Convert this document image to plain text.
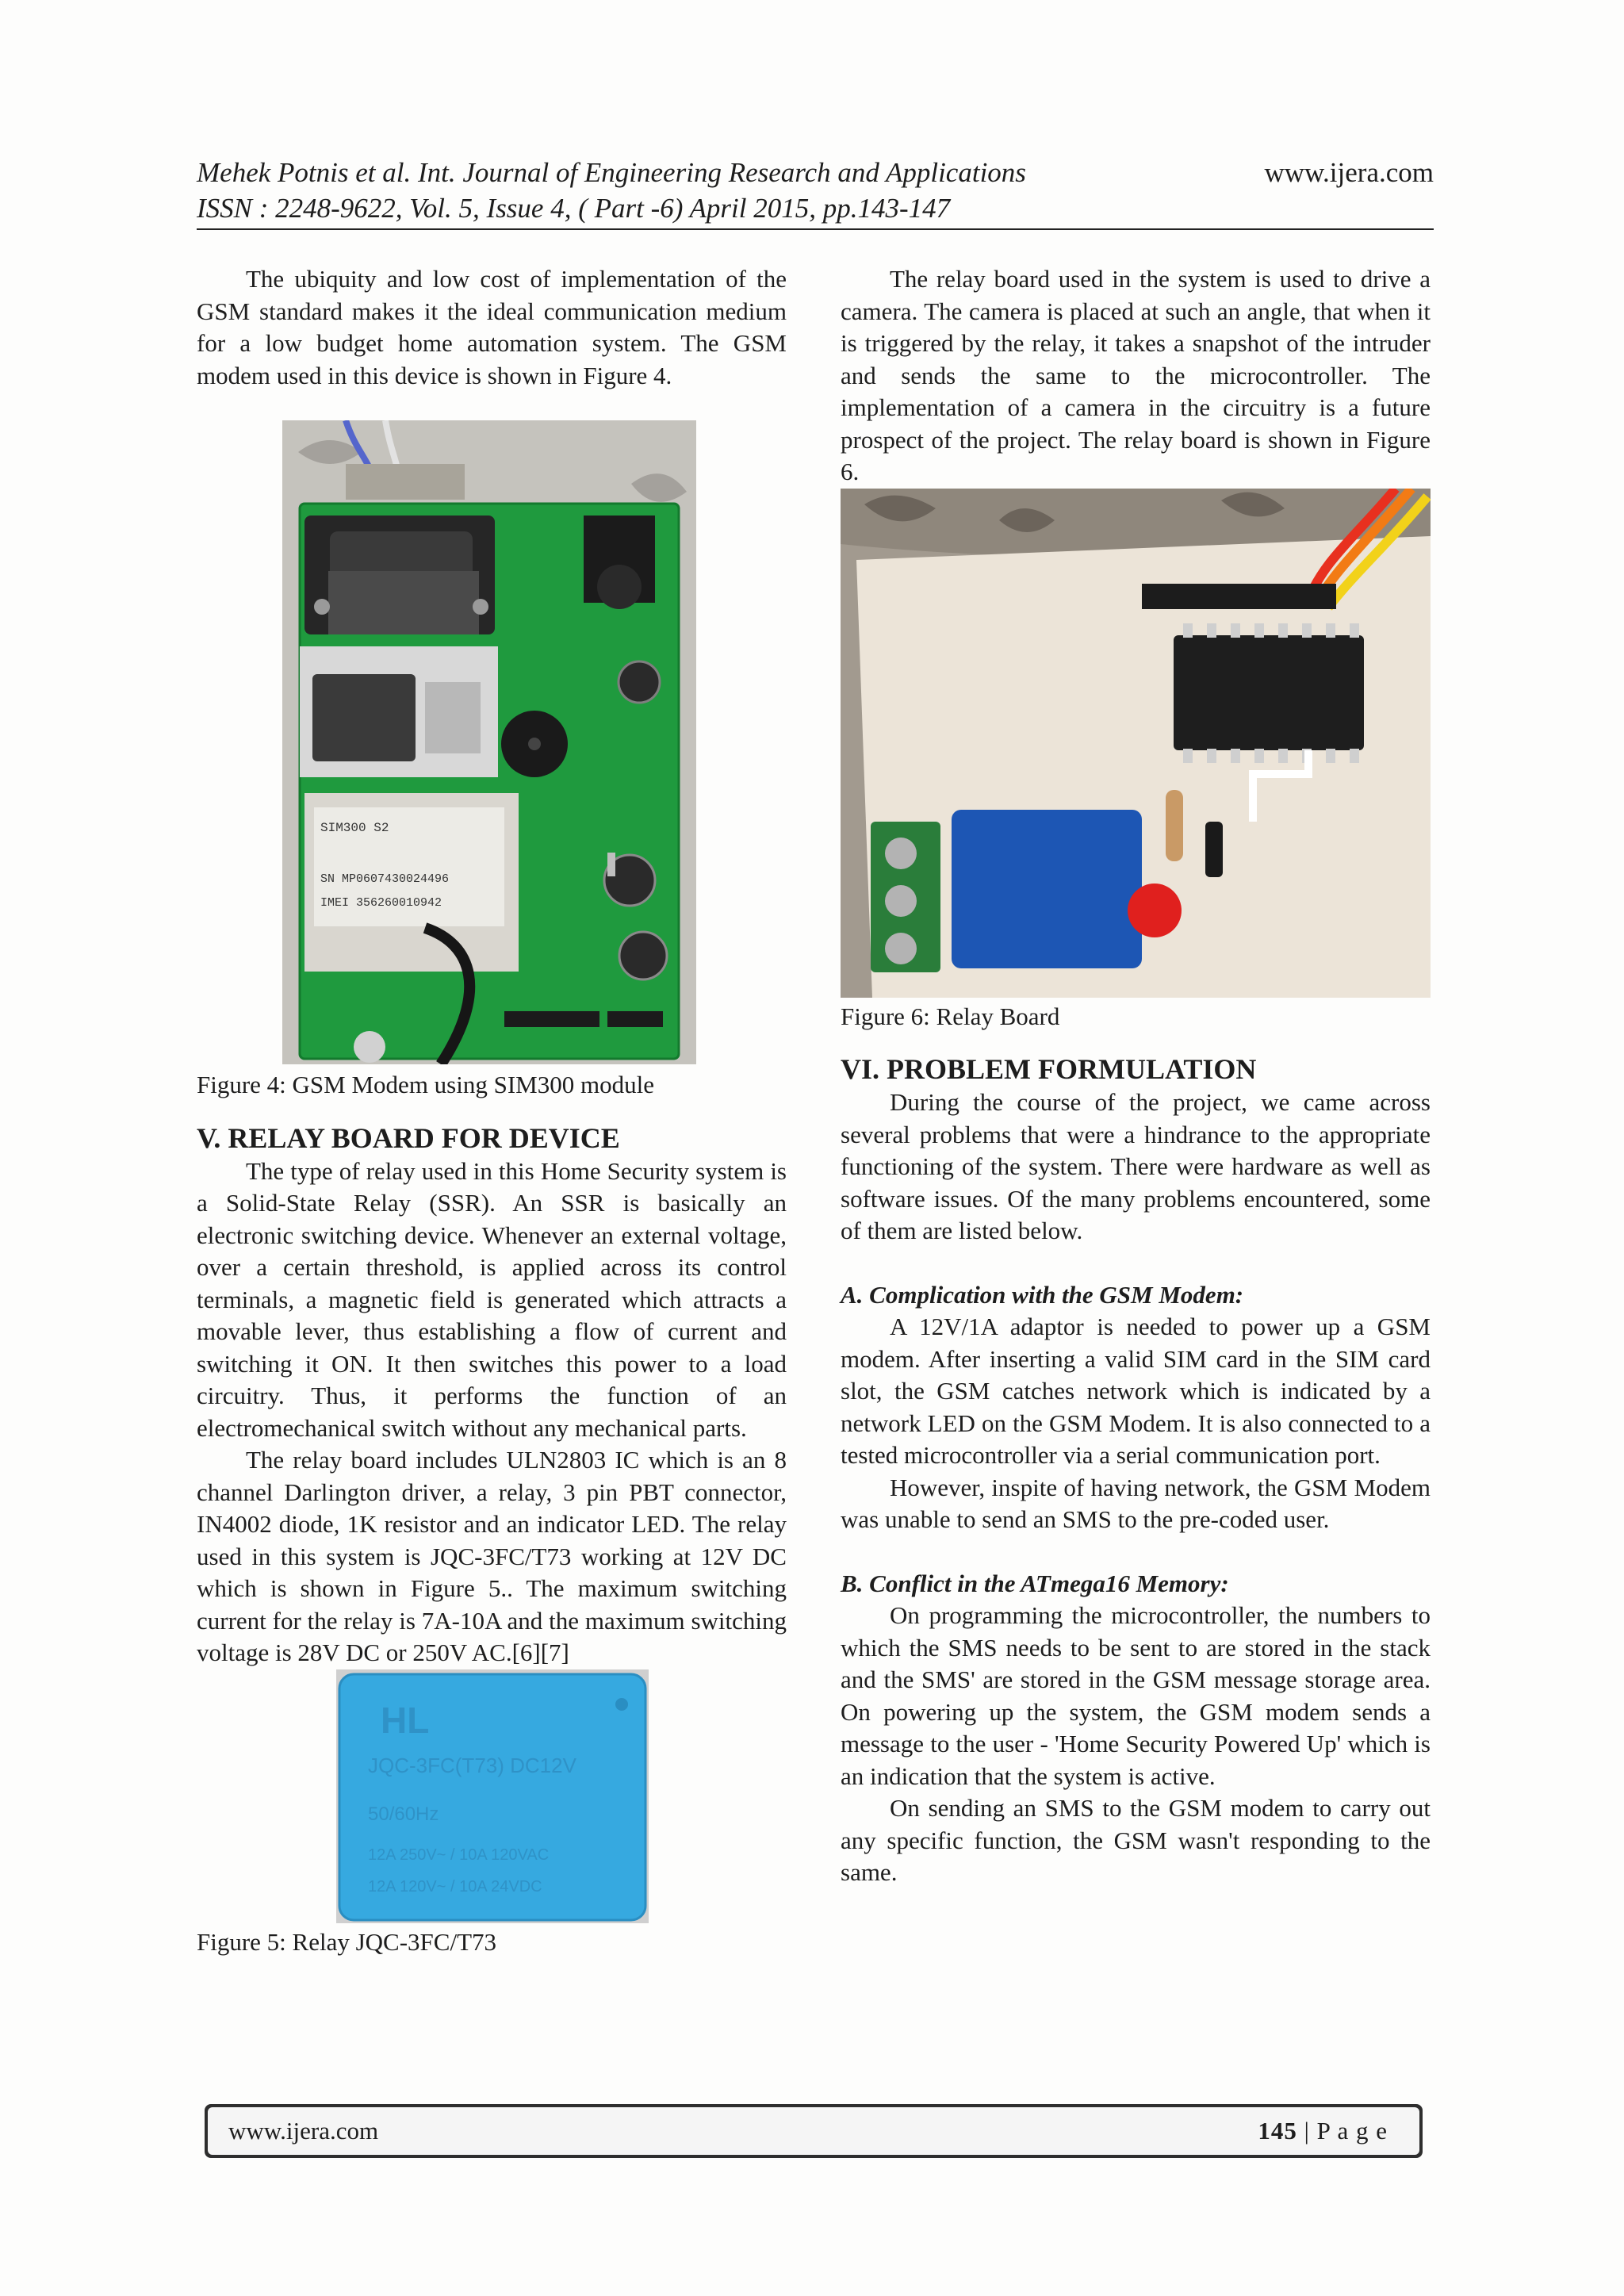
Mehek Potnis et al. Int. Journal of Engineering Research and Applications	www.ijera.com
ISSN : 2248-9622, Vol. 5, Issue 4, ( Part -6) April 2015, pp.143-147

The ubiquity and low cost of implementation of the GSM standard makes it the ideal communication medium for a low budget home automation system. The GSM modem used in this device is shown in Figure 4.

SIM300 S2
SN MP0607430024496
IMEI 356260010942

Figure 4: GSM Modem using SIM300 module

V. RELAY BOARD FOR DEVICE

The type of relay used in this Home Security system is a Solid-State Relay (SSR). An SSR is basically an electronic switching device. Whenever an external voltage, over a certain threshold, is applied across its control terminals, a magnetic field is generated which attracts a movable lever, thus establishing a flow of current and switching it ON. It then switches this power to a load circuitry. Thus, it performs the function of an electromechanical switch without any mechanical parts.

The relay board includes ULN2803 IC which is an 8 channel Darlington driver, a relay, 3 pin PBT connector, IN4002 diode, 1K resistor and an indicator LED. The relay used in this system is JQC-3FC/T73 working at 12V DC which is shown in Figure 5.. The maximum switching current for the relay is 7A-10A and the maximum switching voltage is 28V DC or 250V AC.[6][7]

HL
JQC-3FC(T73) DC12V
50/60Hz
12A 250V~ / 10A 120VAC
12A 120V~ / 10A 24VDC

Figure 5: Relay JQC-3FC/T73

The relay board used in the system is used to drive a camera. The camera is placed at such an angle, that when it is triggered by the relay, it takes a snapshot of the intruder and sends the same to the microcontroller. The implementation of a camera in the circuitry is a future prospect of the project. The relay board is shown in Figure 6.

Figure 6: Relay Board

VI. PROBLEM FORMULATION

During the course of the project, we came across several problems that were a hindrance to the appropriate functioning of the system. There were hardware as well as software issues. Of the many problems encountered, some of them are listed below.

A. Complication with the GSM Modem:

A 12V/1A adaptor is needed to power up a GSM modem. After inserting a valid SIM card in the SIM card slot, the GSM catches network which is indicated by a network LED on the GSM Modem. It is also connected to a tested microcontroller via a serial communication port.

However, inspite of having network, the GSM Modem was unable to send an SMS to the pre-coded user.

B. Conflict in the ATmega16 Memory:

On programming the microcontroller, the numbers to which the SMS needs to be sent to are stored in the stack and the SMS' are stored in the GSM message storage area. On powering up the system, the GSM modem sends a message to the user - 'Home Security Powered Up' which is an indication that the system is active.

On sending an SMS to the GSM modem to carry out any specific function, the GSM wasn't responding to the same.

www.ijera.com	145 | P a g e
